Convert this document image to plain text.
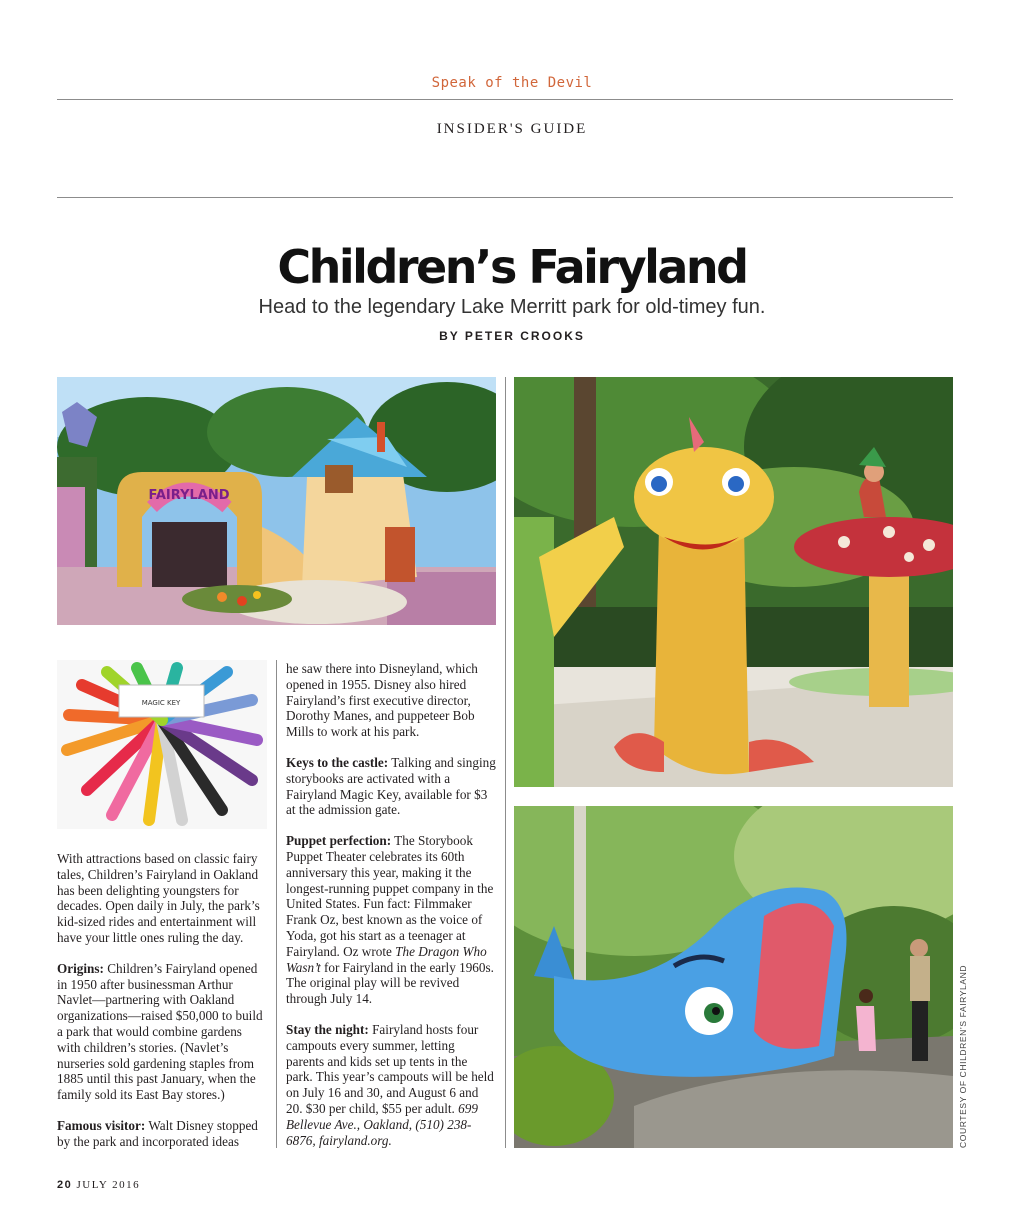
Speak of the Devil
INSIDER'S GUIDE
Children’s Fairyland
Head to the legendary Lake Merritt park for old-timey fun.
BY PETER CROOKS
FAIRYLAND
MAGIC KEY

With attractions based on classic fairy tales, Children’s Fairyland in Oakland has been delighting youngsters for decades. Open daily in July, the park’s kid-sized rides and entertainment will have your little ones ruling the day.

Origins: Children’s Fairyland opened in 1950 after businessman Arthur Navlet—partnering with Oakland organizations—raised $50,000 to build a park that would combine gardens with children’s stories. (Navlet’s nurseries sold gardening staples from 1885 until this past January, when the family sold its East Bay stores.)

Famous visitor: Walt Disney stopped by the park and incorporated ideas

he saw there into Disneyland, which opened in 1955. Disney also hired Fairyland’s first executive director, Dorothy Manes, and puppeteer Bob Mills to work at his park.

Keys to the castle: Talking and singing storybooks are activated with a Fairyland Magic Key, available for $3 at the admission gate.

Puppet perfection: The Storybook Puppet Theater celebrates its 60th anniversary this year, making it the longest-running puppet company in the United States. Fun fact: Filmmaker Frank Oz, best known as the voice of Yoda, got his start as a teenager at Fairyland. Oz wrote The Dragon Who Wasn’t for Fairyland in the early 1960s. The original play will be revived through July 14.

Stay the night: Fairyland hosts four campouts every summer, letting parents and kids set up tents in the park. This year’s campouts will be held on July 16 and 30, and August 6 and 20. $30 per child, $55 per adult. 699 Bellevue Ave., Oakland, (510) 238-6876, fairyland.org.	COURTESY OF CHILDREN’S FAIRYLAND
20 JULY 2016
